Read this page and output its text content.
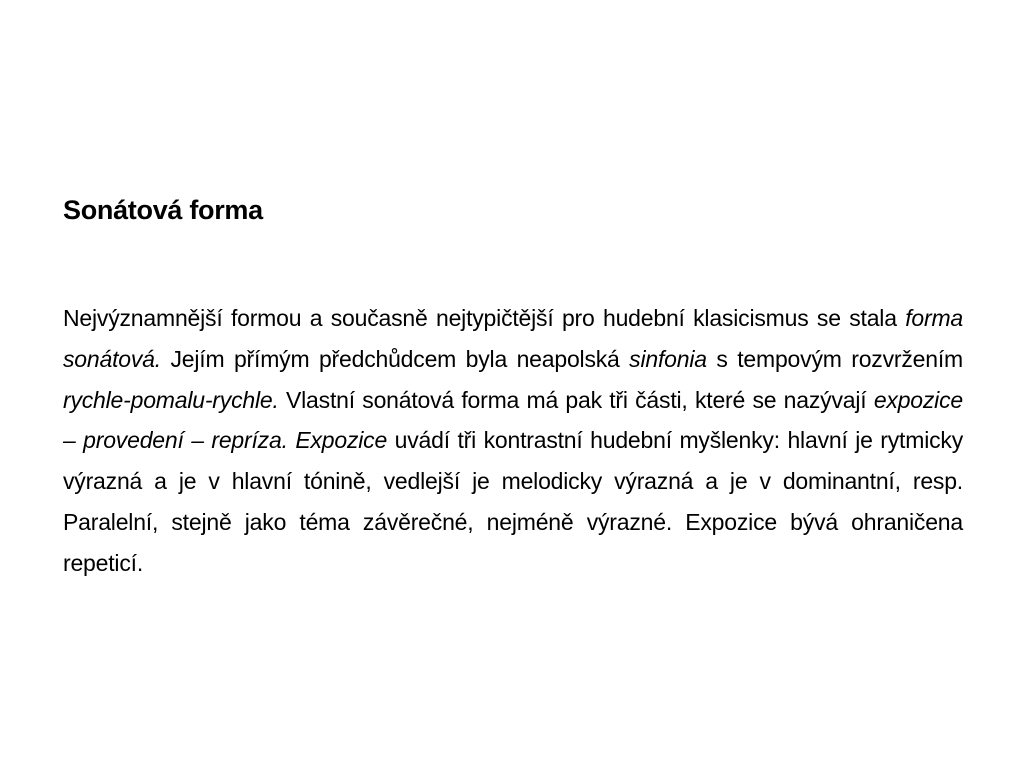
Sonátová forma

Nejvýznamnější formou a současně nejtypičtější pro hudební klasicismus se stala forma sonátová. Jejím přímým předchůdcem byla neapolská sinfonia s tempovým rozvržením rychle-pomalu-rychle. Vlastní sonátová forma má pak tři části, které se nazývají expozice – provedení – repríza. Expozice uvádí tři kontrastní hudební myšlenky: hlavní je rytmicky výrazná a je v hlavní tónině, vedlejší je melodicky výrazná a je v dominantní, resp. Paralelní, stejně jako téma závěrečné, nejméně výrazné. Expozice bývá ohraničena repeticí.
